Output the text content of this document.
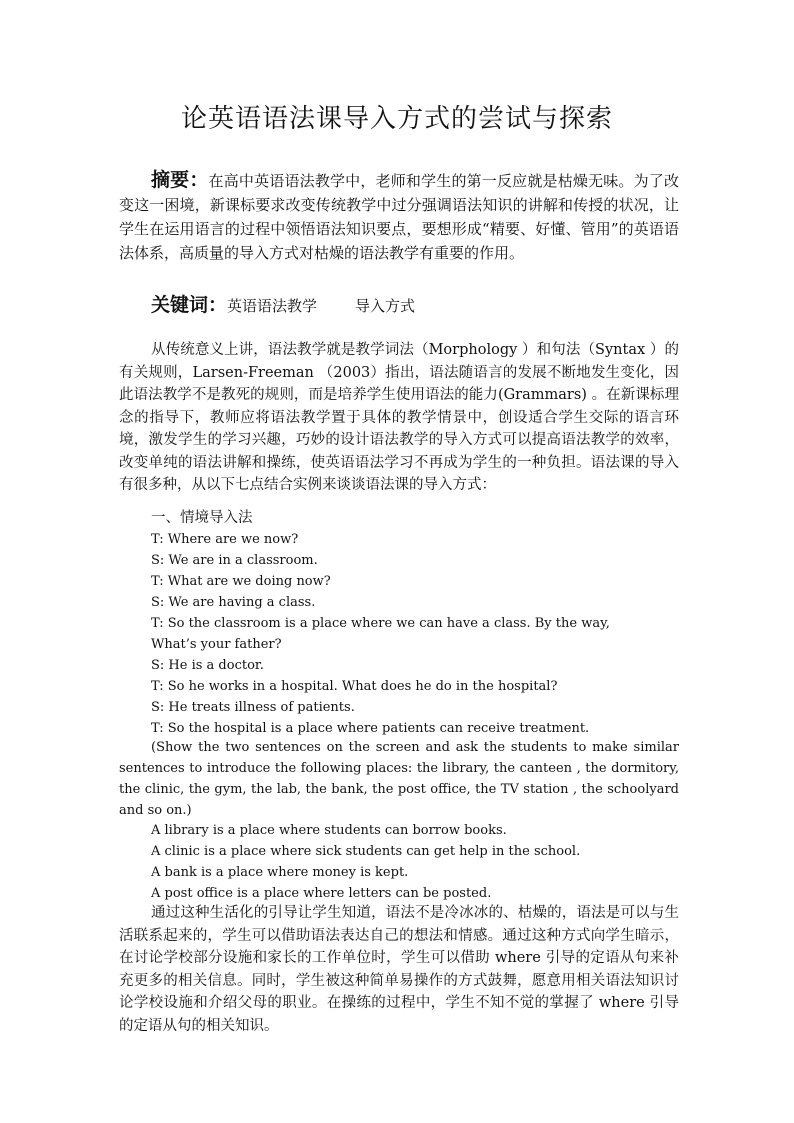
论英语语法课导入方式的尝试与探索
摘要：在高中英语语法教学中，老师和学生的第一反应就是枯燥无味。为了改变这一困境，新课标要求改变传统教学中过分强调语法知识的讲解和传授的状况，让学生在运用语言的过程中领悟语法知识要点，要想形成“精要、好懂、管用”的英语语法体系，高质量的导入方式对枯燥的语法教学有重要的作用。
关键词：英语语法教学	导入方式
从传统意义上讲，语法教学就是教学词法（Morphology ）和句法（Syntax ）的有关规则，Larsen-Freeman （2003）指出，语法随语言的发展不断地发生变化，因此语法教学不是教死的规则，而是培养学生使用语法的能力(Grammars) 。在新课标理念的指导下，教师应将语法教学置于具体的教学情景中，创设适合学生交际的语言环境，激发学生的学习兴趣，巧妙的设计语法教学的导入方式可以提高语法教学的效率，改变单纯的语法讲解和操练，使英语语法学习不再成为学生的一种负担。语法课的导入有很多种，从以下七点结合实例来谈谈语法课的导入方式：
一、情境导入法
T: Where are we now?
S: We are in a classroom.
T: What are we doing now?
S: We are having a class.
T: So the classroom is a place where we can have a class. By the way, What’s your father?
S: He is a doctor.
T: So he works in a hospital. What does he do in the hospital?
S: He treats illness of patients.
T: So the hospital is a place where patients can receive treatment.
(Show the two sentences on the screen and ask the students to make similar sentences to introduce the following places: the library, the canteen , the dormitory, the clinic, the gym, the lab, the bank, the post office, the TV station , the schoolyard and so on.)
A library is a place where students can borrow books.
A clinic is a place where sick students can get help in the school.
A bank is a place where money is kept.
A post office is a place where letters can be posted.
通过这种生活化的引导让学生知道，语法不是冷冰冰的、枯燥的，语法是可以与生活联系起来的，学生可以借助语法表达自己的想法和情感。通过这种方式向学生暗示，在讨论学校部分设施和家长的工作单位时，学生可以借助 where 引导的定语从句来补充更多的相关信息。同时，学生被这种简单易操作的方式鼓舞，愿意用相关语法知识讨论学校设施和介绍父母的职业。在操练的过程中，学生不知不觉的掌握了 where 引导的定语从句的相关知识。
